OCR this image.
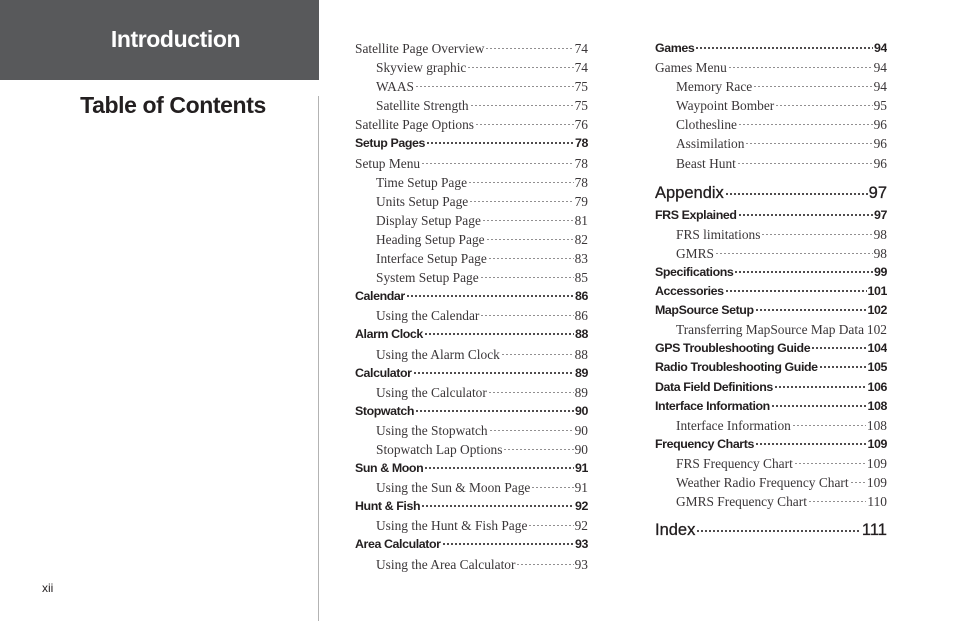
Introduction
Table of Contents
Satellite Page Overview	74
Skyview graphic	74
WAAS	75
Satellite Strength	75
Satellite Page Options	76
Setup Pages	78
Setup Menu	78
Time Setup Page	78
Units Setup Page	79
Display Setup Page	81
Heading Setup Page	82
Interface Setup Page	83
System Setup Page	85
Calendar	86
Using the Calendar	86
Alarm Clock	88
Using the Alarm Clock	88
Calculator	89
Using the Calculator	89
Stopwatch	90
Using the Stopwatch	90
Stopwatch Lap Options	90
Sun & Moon	91
Using the Sun & Moon Page	91
Hunt & Fish	92
Using the Hunt & Fish Page	92
Area Calculator	93
Using the Area Calculator	93
Games	94
Games Menu	94
Memory Race	94
Waypoint Bomber	95
Clothesline	96
Assimilation	96
Beast Hunt	96
Appendix	97
FRS Explained	97
FRS limitations	98
GMRS	98
Specifications	99
Accessories	101
MapSource Setup	102
Transferring MapSource Map Data 102
GPS Troubleshooting Guide	104
Radio Troubleshooting Guide	105
Data Field Definitions	106
Interface Information	108
Interface Information	108
Frequency Charts	109
FRS Frequency Chart	109
Weather Radio Frequency Chart 109
GMRS Frequency Chart	110
Index	111
xii
